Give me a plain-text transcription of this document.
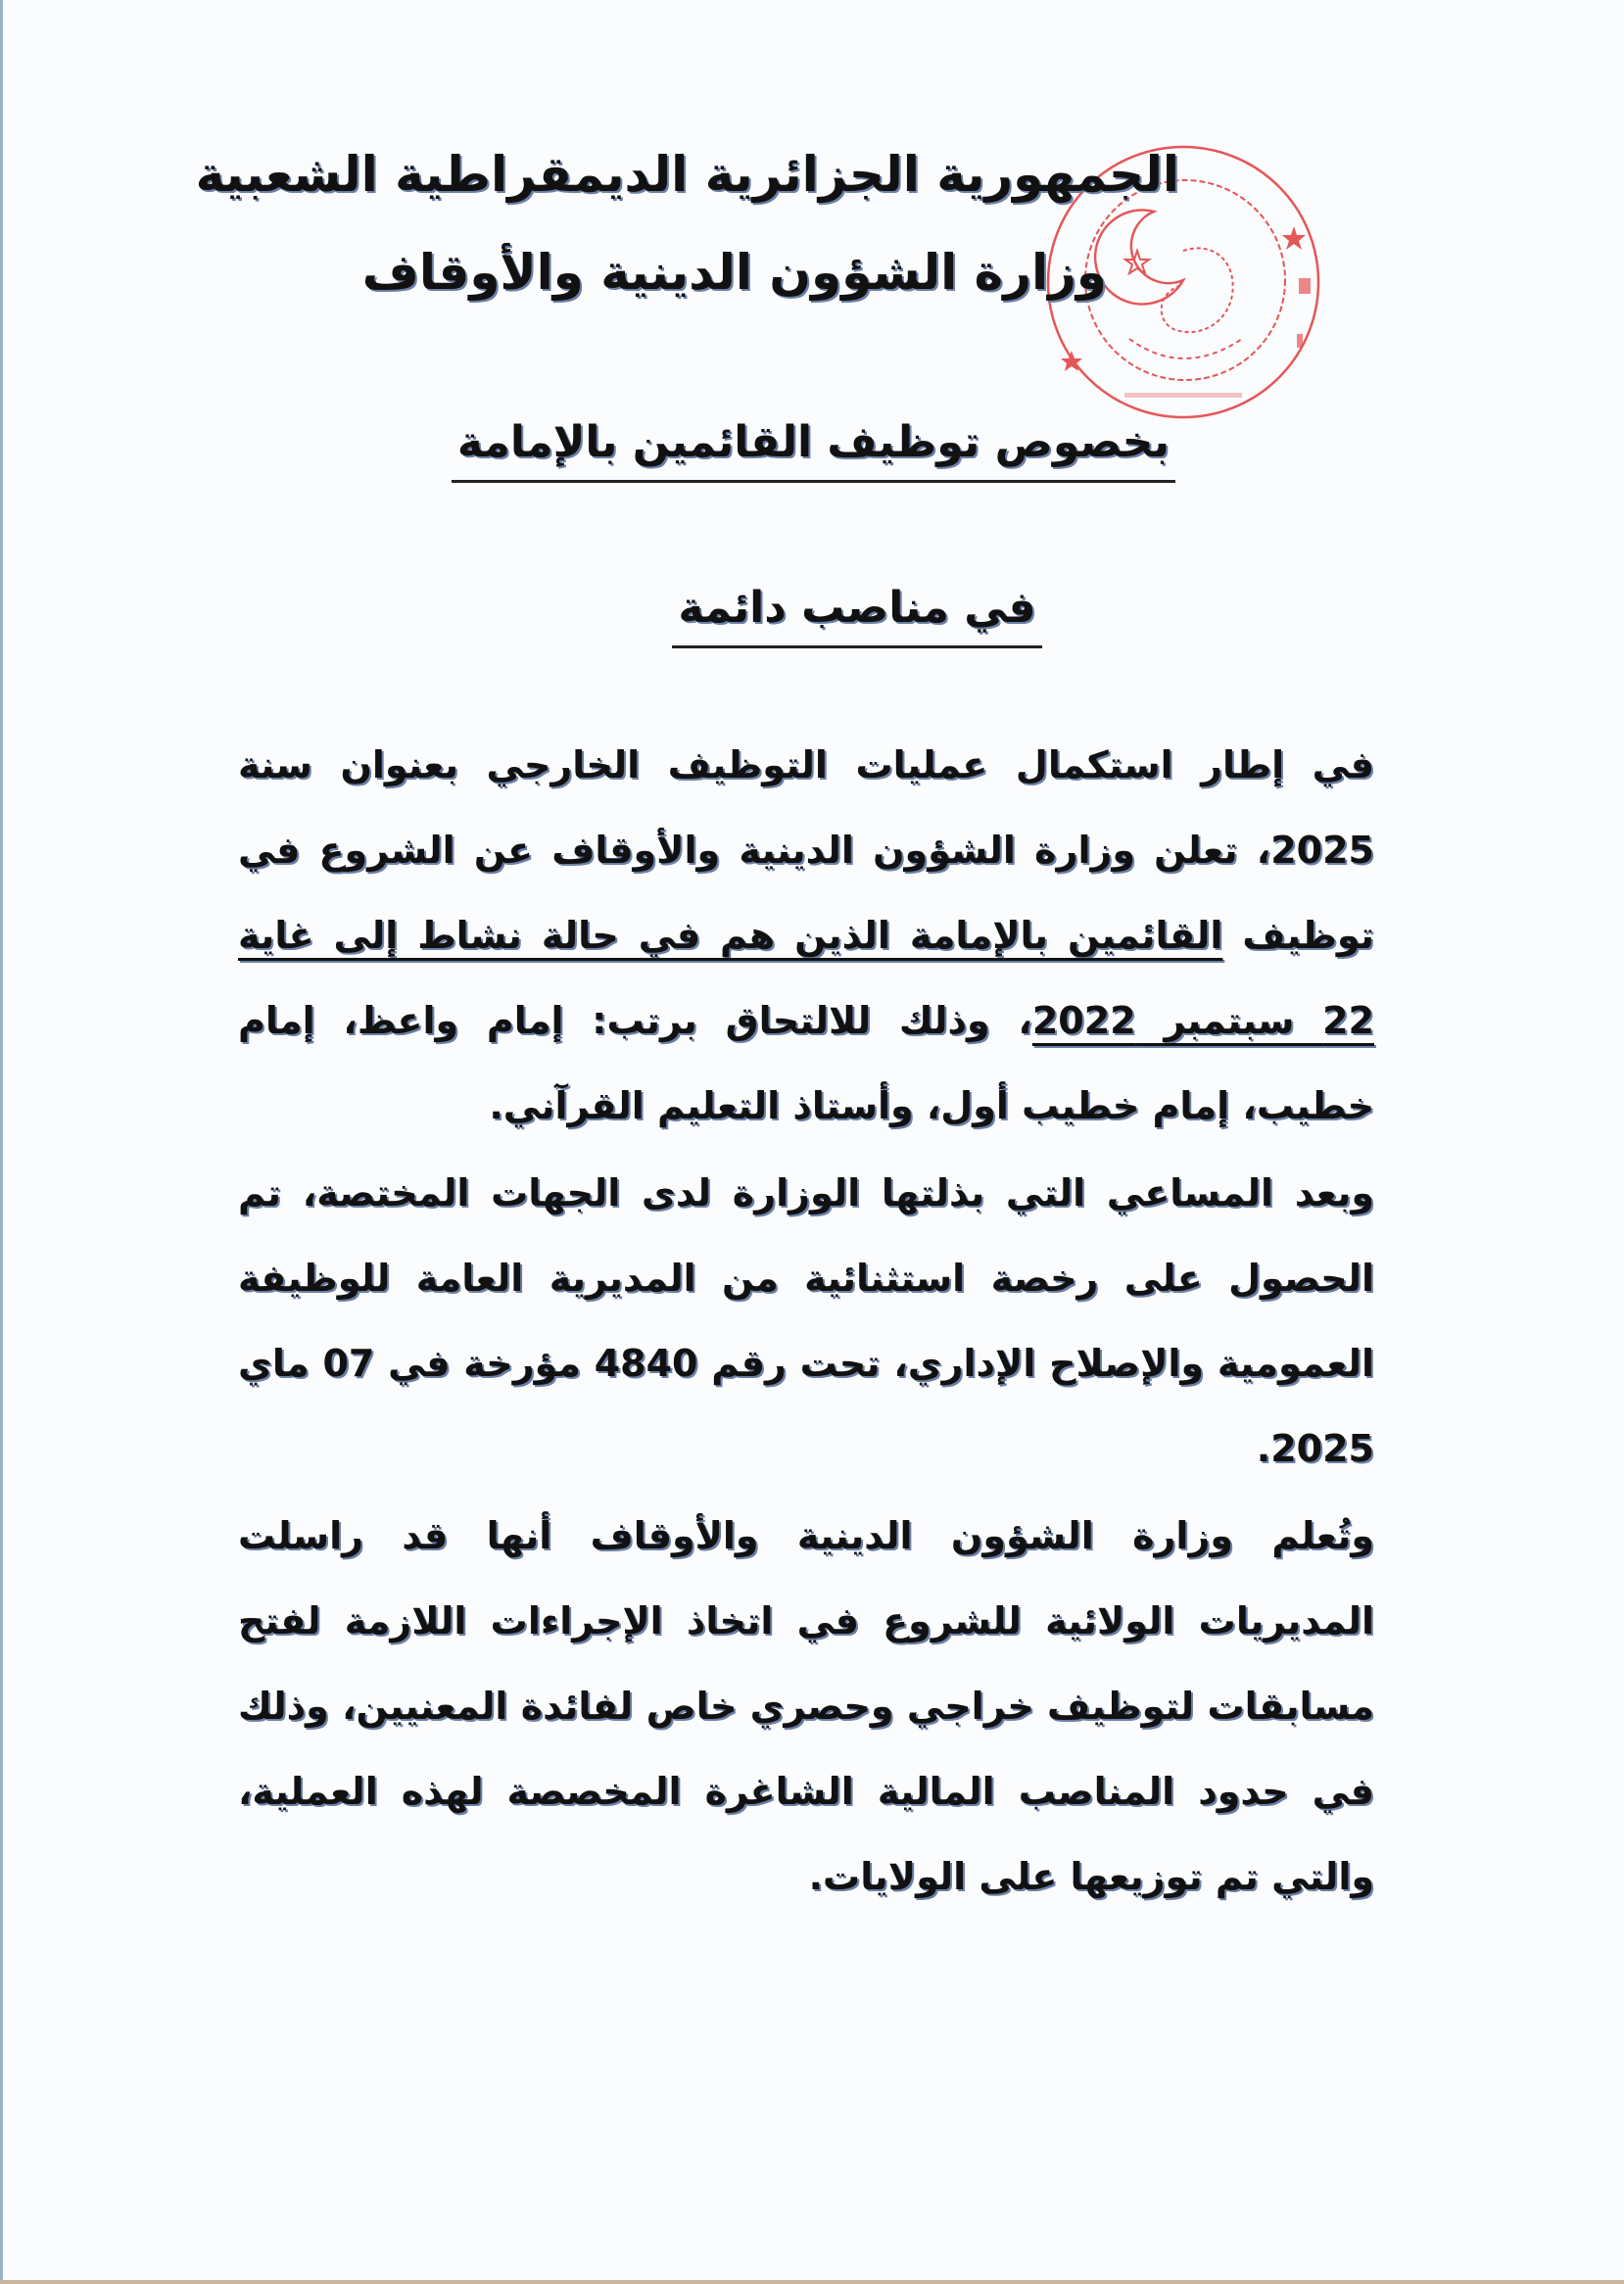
الجمهورية الجزائرية الديمقراطية الشعبية
وزارة الشؤون الدينية والأوقاف
بخصوص توظيف القائمين بالإمامة
في مناصب دائمة

في إطار استكمال عمليات التوظيف الخارجي بعنوان سنة 2025، تعلن وزارة الشؤون الدينية والأوقاف عن الشروع في توظيف القائمين بالإمامة الذين هم في حالة نشاط إلى غاية 22 سبتمبر 2022، وذلك للالتحاق برتب: إمام واعظ، إمام خطيب، إمام خطيب أول، وأستاذ التعليم القرآني.

وبعد المساعي التي بذلتها الوزارة لدى الجهات المختصة، تم الحصول على رخصة استثنائية من المديرية العامة للوظيفة العمومية والإصلاح الإداري، تحت رقم 4840 مؤرخة في 07 ماي 2025.

وتُعلم وزارة الشؤون الدينية والأوقاف أنها قد راسلت المديريات الولائية للشروع في اتخاذ الإجراءات اللازمة لفتح مسابقات لتوظيف خراجي وحصري خاص لفائدة المعنيين، وذلك في حدود المناصب المالية الشاغرة المخصصة لهذه العملية، والتي تم توزيعها على الولايات.
